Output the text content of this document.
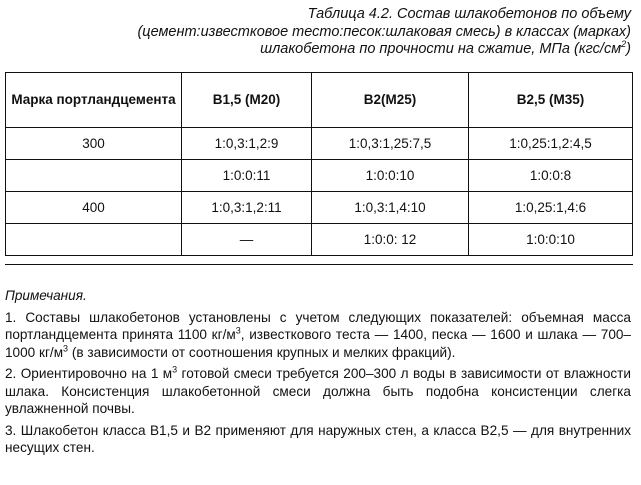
Таблица 4.2. Состав шлакобетонов по объему
(цемент:известковое тесто:песок:шлаковая смесь) в классах (марках)
шлакобетона по прочности на сжатие, МПа $(кгс/см^2)$
Марка портландцемента	В1,5 (М20)	В2(М25)	В2,5 (М35)
300	1:0,3:1,2:9	1:0,3:1,25:7,5	1:0,25:1,2:4,5
	1:0:0:11	1:0:0:10	1:0:0:8
400	1:0,3:1,2:11	1:0,3:1,4:10	1:0,25:1,4:6
	—	1:0:0: 12	1:0:0:10
Примечания.
1. Составы шлакобетонов установлены с учетом следующих показателей: объемная масса портландцемента принята 1100 $кг/м^3$, известкового теста — 1400, песка — 1600 и шлака — 700–1000 $кг/м^3$ (в зависимости от соотношения крупных и мелких фракций).
2. Ориентировочно на 1 $м^3$ готовой смеси требуется 200–300 л воды в зависимости от влажности шлака. Консистенция шлакобетонной смеси должна быть подобна консистенции слегка увлажненной почвы.
3. Шлакобетон класса В1,5 и В2 применяют для наружных стен, а класса В2,5 — для внутренних несущих стен.
